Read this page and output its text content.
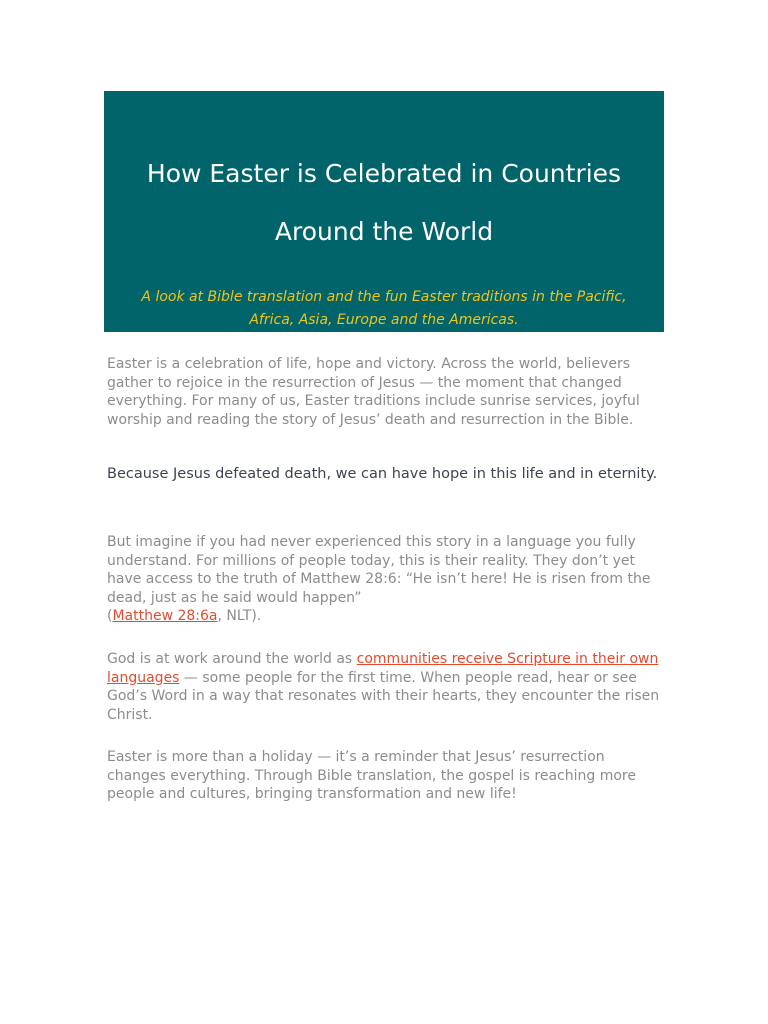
How Easter is Celebrated in Countries
Around the World

A look at Bible translation and the fun Easter traditions in the Pacific,
Africa, Asia, Europe and the Americas.

Easter is a celebration of life, hope and victory. Across the world, believers gather to rejoice in the resurrection of Jesus — the moment that changed everything. For many of us, Easter traditions include sunrise services, joyful worship and reading the story of Jesus’ death and resurrection in the Bible.

Because Jesus defeated death, we can have hope in this life and in eternity.

But imagine if you had never experienced this story in a language you fully understand. For millions of people today, this is their reality. They don’t yet have access to the truth of Matthew 28:6: “He isn’t here! He is risen from the dead, just as he said would happen”
(Matthew 28:6a, NLT).

God is at work around the world as communities receive Scripture in their own languages — some people for the first time. When people read, hear or see God’s Word in a way that resonates with their hearts, they encounter the risen Christ.

Easter is more than a holiday — it’s a reminder that Jesus’ resurrection changes everything. Through Bible translation, the gospel is reaching more people and cultures, bringing transformation and new life!
